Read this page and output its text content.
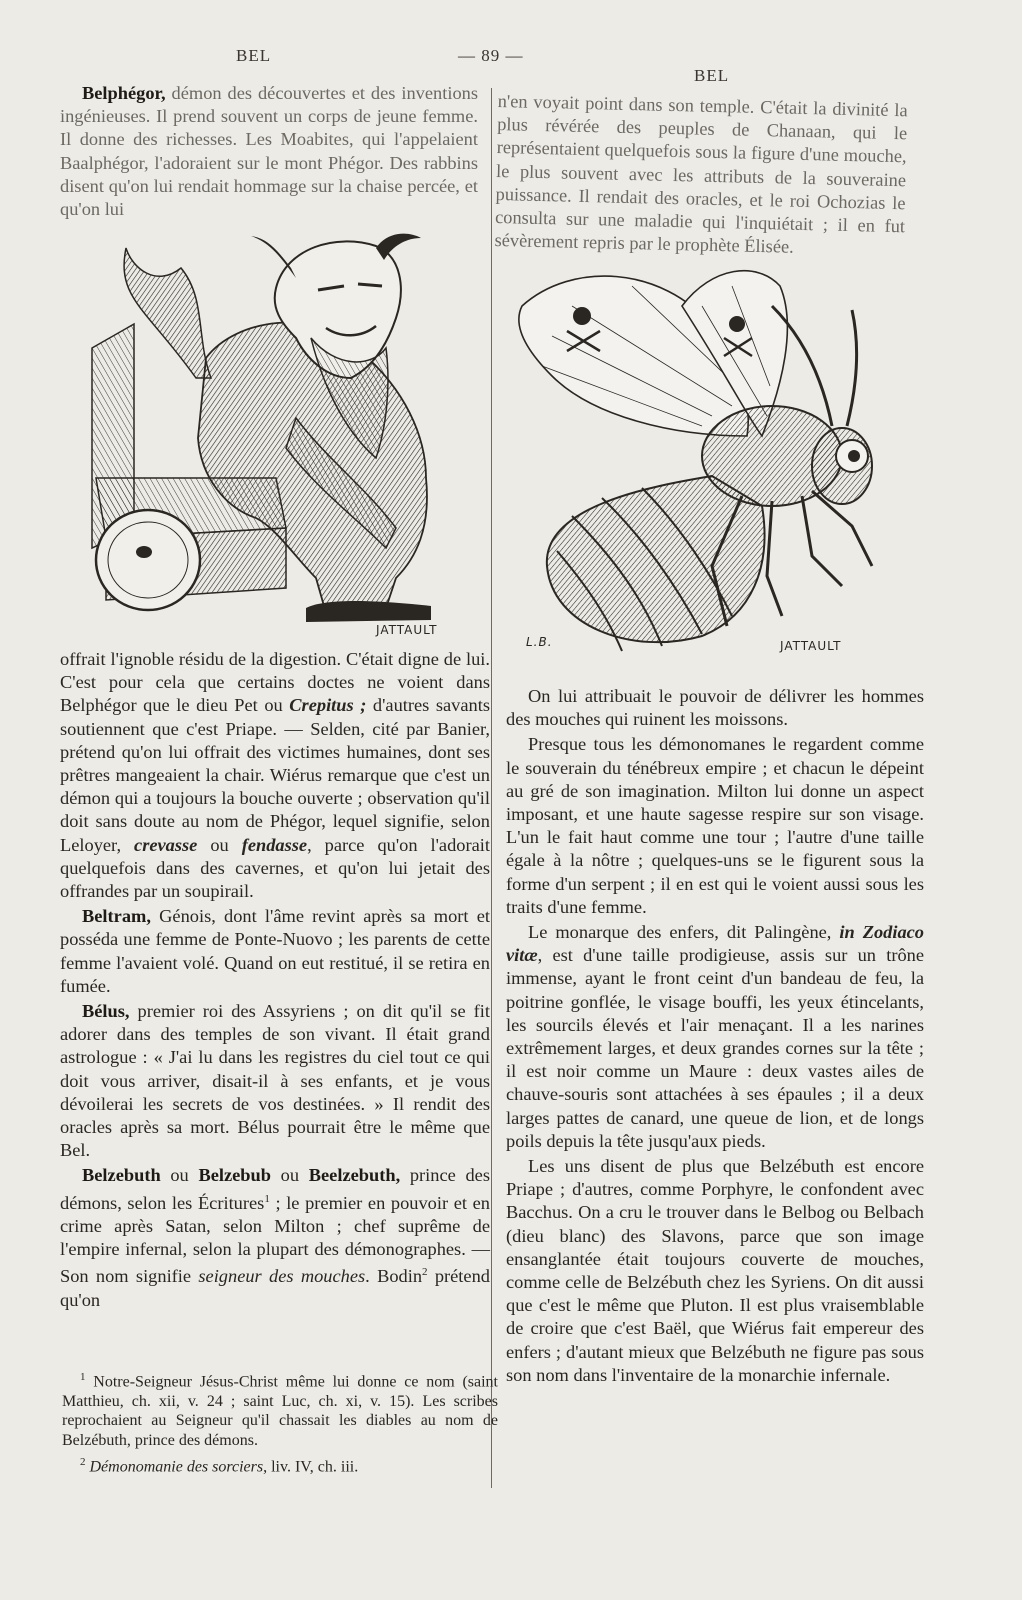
BEL	— 89 —
BEL

Belphégor, démon des découvertes et des inventions ingénieuses. Il prend souvent un corps de jeune femme. Il donne des richesses. Les Moabites, qui l'appelaient Baalphégor, l'adoraient sur le mont Phégor. Des rabbins disent qu'on lui rendait hommage sur la chaise percée, et qu'on lui

JATTAULT

offrait l'ignoble résidu de la digestion. C'était digne de lui. C'est pour cela que certains doctes ne voient dans Belphégor que le dieu Pet ou Crepitus ; d'autres savants soutiennent que c'est Priape. — Selden, cité par Banier, prétend qu'on lui offrait des victimes humaines, dont ses prêtres mangeaient la chair. Wiérus remarque que c'est un démon qui a toujours la bouche ouverte ; observation qu'il doit sans doute au nom de Phégor, lequel signifie, selon Leloyer, crevasse ou fendasse, parce qu'on l'adorait quelquefois dans des cavernes, et qu'on lui jetait des offrandes par un soupirail.

Beltram, Génois, dont l'âme revint après sa mort et posséda une femme de Ponte-Nuovo ; les parents de cette femme l'avaient volé. Quand on eut restitué, il se retira en fumée.

Bélus, premier roi des Assyriens ; on dit qu'il se fit adorer dans des temples de son vivant. Il était grand astrologue : « J'ai lu dans les registres du ciel tout ce qui doit vous arriver, disait-il à ses enfants, et je vous dévoilerai les secrets de vos destinées. » Il rendit des oracles après sa mort. Bélus pourrait être le même que Bel.

Belzebuth ou Belzebub ou Beelzebuth, prince des démons, selon les Écritures$^1$ ; le premier en pouvoir et en crime après Satan, selon Milton ; chef suprême de l'empire infernal, selon la plupart des démonographes. — Son nom signifie seigneur des mouches. Bodin$^2$ prétend qu'on

$^1$ Notre-Seigneur Jésus-Christ même lui donne ce nom (saint Matthieu, ch. xii, v. 24 ; saint Luc, ch. xi, v. 15). Les scribes reprochaient au Seigneur qu'il chassait les diables au nom de Belzébuth, prince des démons.

$^2$ Démonomanie des sorciers, liv. IV, ch. iii.

n'en voyait point dans son temple. C'était la divinité la plus révérée des peuples de Chanaan, qui le représentaient quelquefois sous la figure d'une mouche, le plus souvent avec les attributs de la souveraine puissance. Il rendait des oracles, et le roi Ochozias le consulta sur une maladie qui l'inquiétait ; il en fut sévèrement repris par le prophète Élisée.

L.B.	JATTAULT

On lui attribuait le pouvoir de délivrer les hommes des mouches qui ruinent les moissons.

Presque tous les démonomanes le regardent comme le souverain du ténébreux empire ; et chacun le dépeint au gré de son imagination. Milton lui donne un aspect imposant, et une haute sagesse respire sur son visage. L'un le fait haut comme une tour ; l'autre d'une taille égale à la nôtre ; quelques-uns se le figurent sous la forme d'un serpent ; il en est qui le voient aussi sous les traits d'une femme.

Le monarque des enfers, dit Palingène, in Zodiaco vitæ, est d'une taille prodigieuse, assis sur un trône immense, ayant le front ceint d'un bandeau de feu, la poitrine gonflée, le visage bouffi, les yeux étincelants, les sourcils élevés et l'air menaçant. Il a les narines extrêmement larges, et deux grandes cornes sur la tête ; il est noir comme un Maure : deux vastes ailes de chauve-souris sont attachées à ses épaules ; il a deux larges pattes de canard, une queue de lion, et de longs poils depuis la tête jusqu'aux pieds.

Les uns disent de plus que Belzébuth est encore Priape ; d'autres, comme Porphyre, le confondent avec Bacchus. On a cru le trouver dans le Belbog ou Belbach (dieu blanc) des Slavons, parce que son image ensanglantée était toujours couverte de mouches, comme celle de Belzébuth chez les Syriens. On dit aussi que c'est le même que Pluton. Il est plus vraisemblable de croire que c'est Baël, que Wiérus fait empereur des enfers ; d'autant mieux que Belzébuth ne figure pas sous son nom dans l'inventaire de la monarchie infernale.
